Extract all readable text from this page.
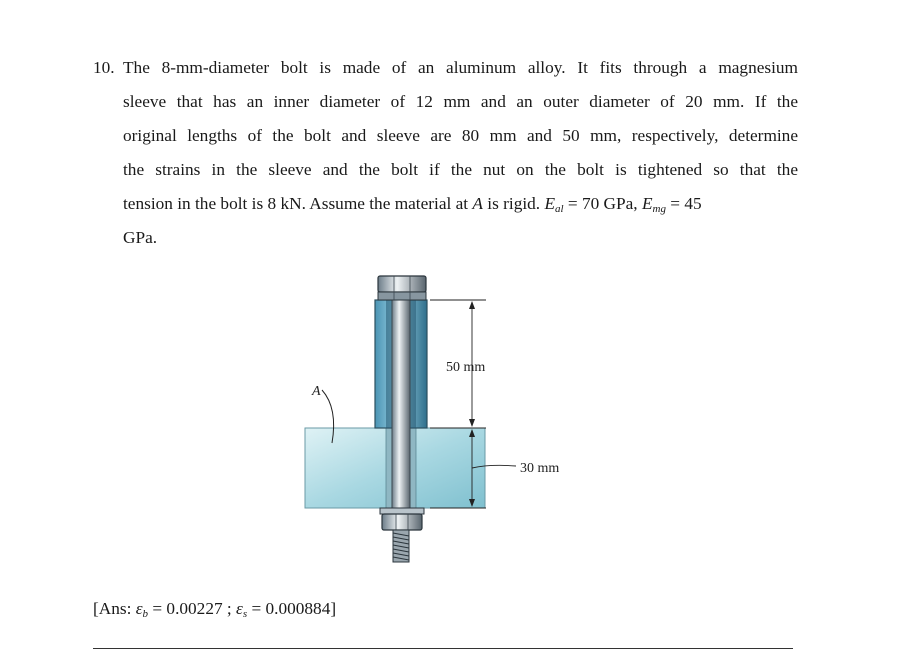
10. The 8-mm-diameter bolt is made of an aluminum alloy. It fits through a magnesium
sleeve that has an inner diameter of 12 mm and an outer diameter of 20 mm. If the
original lengths of the bolt and sleeve are 80 mm and 50 mm, respectively, determine
the strains in the sleeve and the bolt if the nut on the bolt is tightened so that the
tension in the bolt is 8 kN. Assume the material at A is rigid. $E_{al} = 70$ GPa, $E_{mg} = 45$
GPa.
A
50 mm
30 mm
[Ans: $\varepsilon_b = 0.00227$ ; $\varepsilon_s = 0.000884$]
